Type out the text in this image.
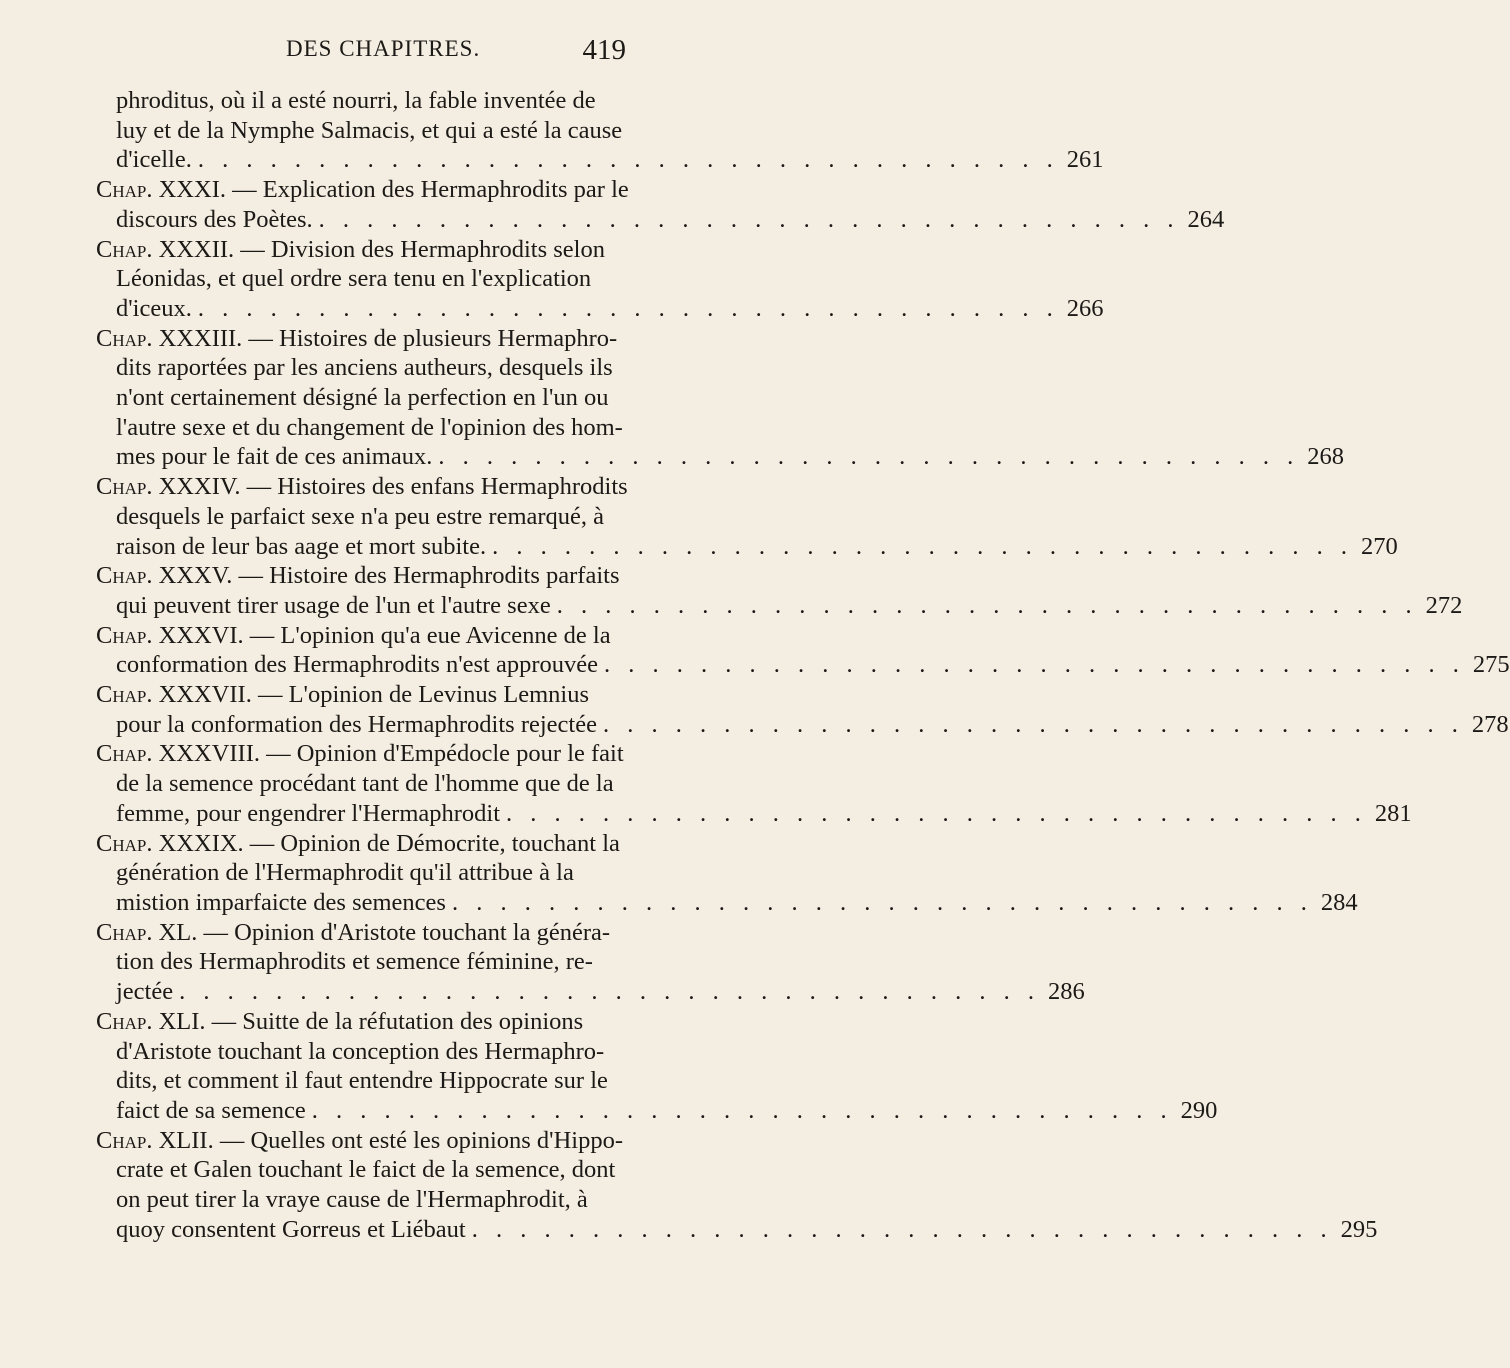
DES CHAPITRES.	419
phroditus, où il a esté nourri, la fable inventée de
luy et de la Nymphe Salmacis, et qui a esté la cause
d'icelle. . . . . . . . . . . . . . . . . . . . . . . . . . . . . . . . . . . . . 261
Chap. XXXI. — Explication des Hermaphrodits par le
discours des Poètes. . . . . . . . . . . . . . . . . . . . . . . . . . . . . . . . . . . . . 264
Chap. XXXII. — Division des Hermaphrodits selon
Léonidas, et quel ordre sera tenu en l'explication
d'iceux. . . . . . . . . . . . . . . . . . . . . . . . . . . . . . . . . . . . . 266
Chap. XXXIII. — Histoires de plusieurs Hermaphro-
dits raportées par les anciens autheurs, desquels ils
n'ont certainement désigné la perfection en l'un ou
l'autre sexe et du changement de l'opinion des hom-
mes pour le fait de ces animaux. . . . . . . . . . . . . . . . . . . . . . . . . . . . . . . . . . . . . 268
Chap. XXXIV. — Histoires des enfans Hermaphrodits
desquels le parfaict sexe n'a peu estre remarqué, à
raison de leur bas aage et mort subite. . . . . . . . . . . . . . . . . . . . . . . . . . . . . . . . . . . . . 270
Chap. XXXV. — Histoire des Hermaphrodits parfaits
qui peuvent tirer usage de l'un et l'autre sexe . . . . . . . . . . . . . . . . . . . . . . . . . . . . . . . . . . . . 272
Chap. XXXVI. — L'opinion qu'a eue Avicenne de la
conformation des Hermaphrodits n'est approuvée . . . . . . . . . . . . . . . . . . . . . . . . . . . . . . . . . . . . 275
Chap. XXXVII. — L'opinion de Levinus Lemnius
pour la conformation des Hermaphrodits rejectée . . . . . . . . . . . . . . . . . . . . . . . . . . . . . . . . . . . . 278
Chap. XXXVIII. — Opinion d'Empédocle pour le fait
de la semence procédant tant de l'homme que de la
femme, pour engendrer l'Hermaphrodit . . . . . . . . . . . . . . . . . . . . . . . . . . . . . . . . . . . . 281
Chap. XXXIX. — Opinion de Démocrite, touchant la
génération de l'Hermaphrodit qu'il attribue à la
mistion imparfaicte des semences . . . . . . . . . . . . . . . . . . . . . . . . . . . . . . . . . . . . 284
Chap. XL. — Opinion d'Aristote touchant la généra-
tion des Hermaphrodits et semence féminine, re-
jectée . . . . . . . . . . . . . . . . . . . . . . . . . . . . . . . . . . . . 286
Chap. XLI. — Suitte de la réfutation des opinions
d'Aristote touchant la conception des Hermaphro-
dits, et comment il faut entendre Hippocrate sur le
faict de sa semence . . . . . . . . . . . . . . . . . . . . . . . . . . . . . . . . . . . . 290
Chap. XLII. — Quelles ont esté les opinions d'Hippo-
crate et Galen touchant le faict de la semence, dont
on peut tirer la vraye cause de l'Hermaphrodit, à
quoy consentent Gorreus et Liébaut . . . . . . . . . . . . . . . . . . . . . . . . . . . . . . . . . . . . 295
